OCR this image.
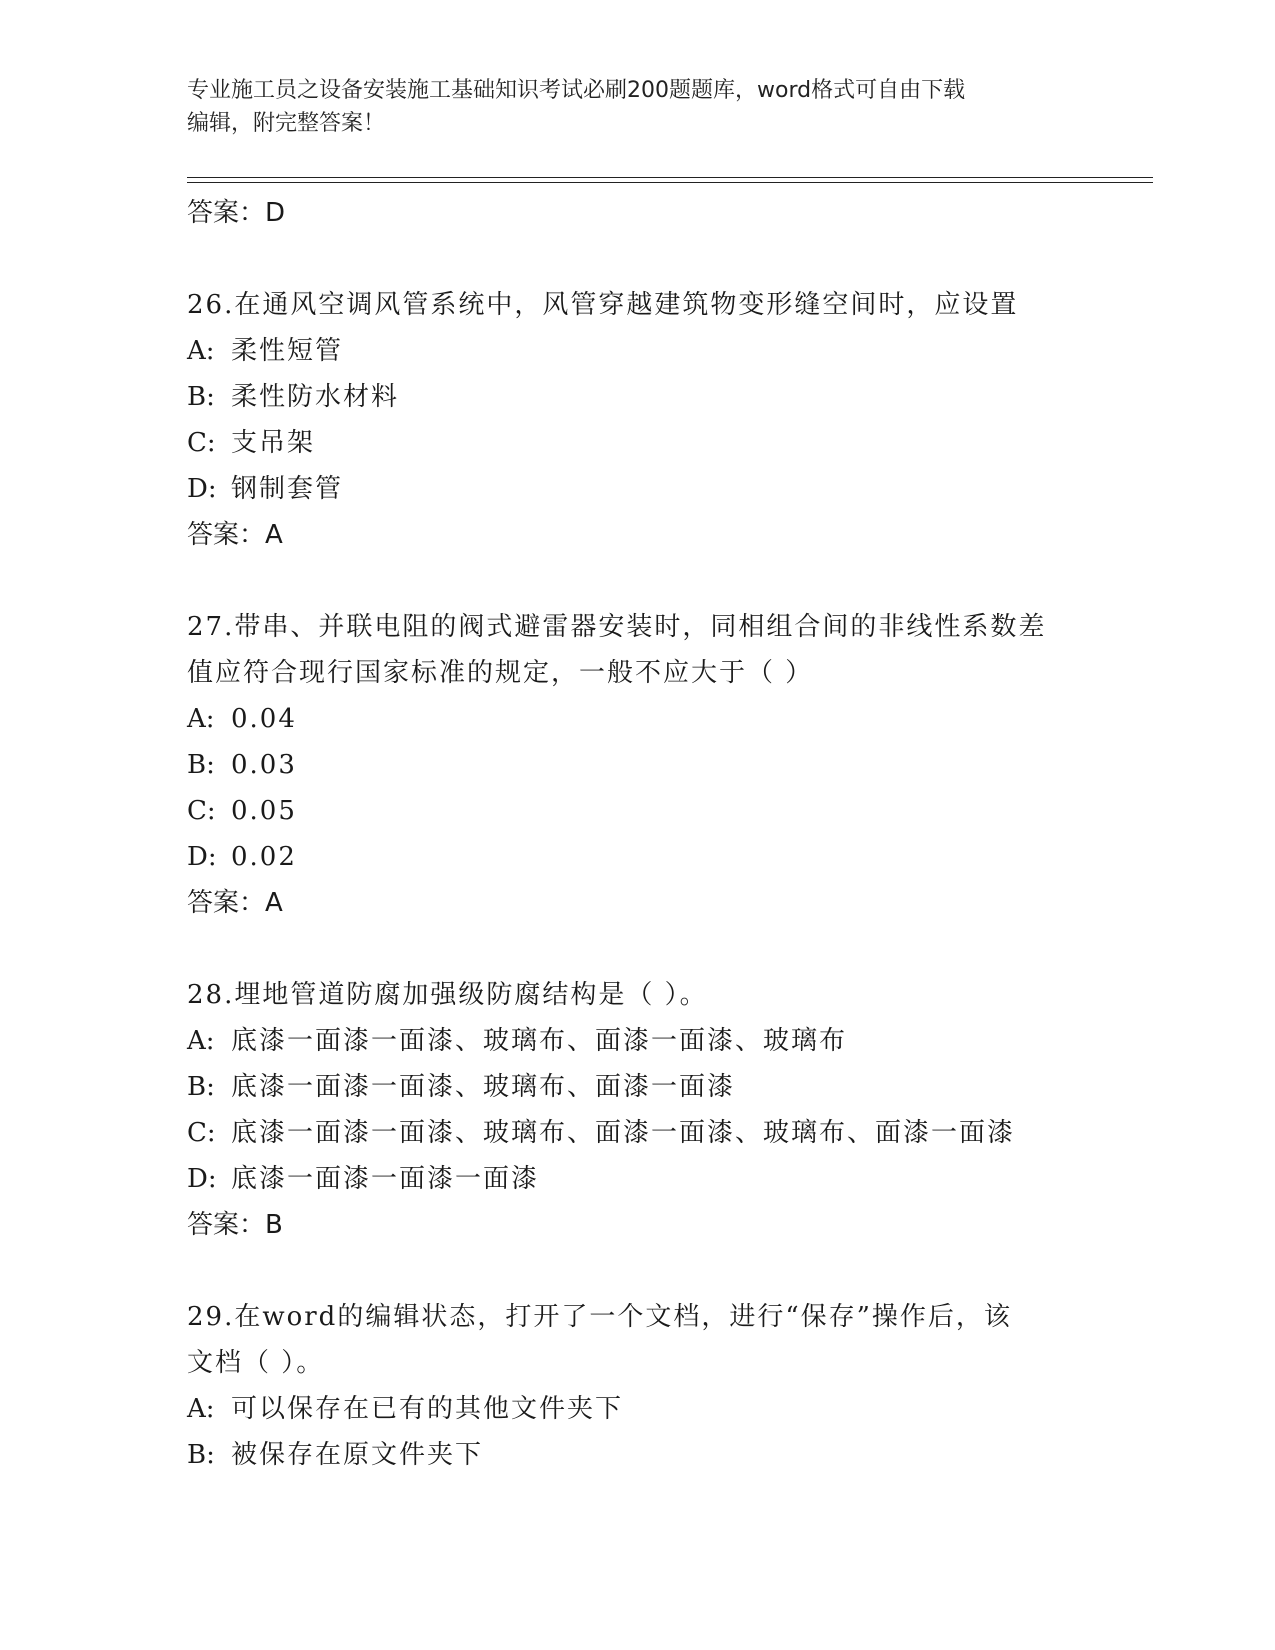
专业施工员之设备安装施工基础知识考试必刷200题题库，word格式可自由下载
编辑，附完整答案！

答案：D

26.在通风空调风管系统中，风管穿越建筑物变形缝空间时，应设置

A: 柔性短管

B: 柔性防水材料

C: 支吊架

D: 钢制套管

答案：A

27.带串、并联电阻的阀式避雷器安装时，同相组合间的非线性系数差
值应符合现行国家标准的规定，一般不应大于（ ）

A: 0.04

B: 0.03

C: 0.05

D: 0.02

答案：A

28.埋地管道防腐加强级防腐结构是（ ）。

A: 底漆一面漆一面漆、玻璃布、面漆一面漆、玻璃布

B: 底漆一面漆一面漆、玻璃布、面漆一面漆

C: 底漆一面漆一面漆、玻璃布、面漆一面漆、玻璃布、面漆一面漆

D: 底漆一面漆一面漆一面漆

答案：B

29.在word的编辑状态，打开了一个文档，进行“保存”操作后，该
文档（ ）。

A: 可以保存在已有的其他文件夹下

B: 被保存在原文件夹下
